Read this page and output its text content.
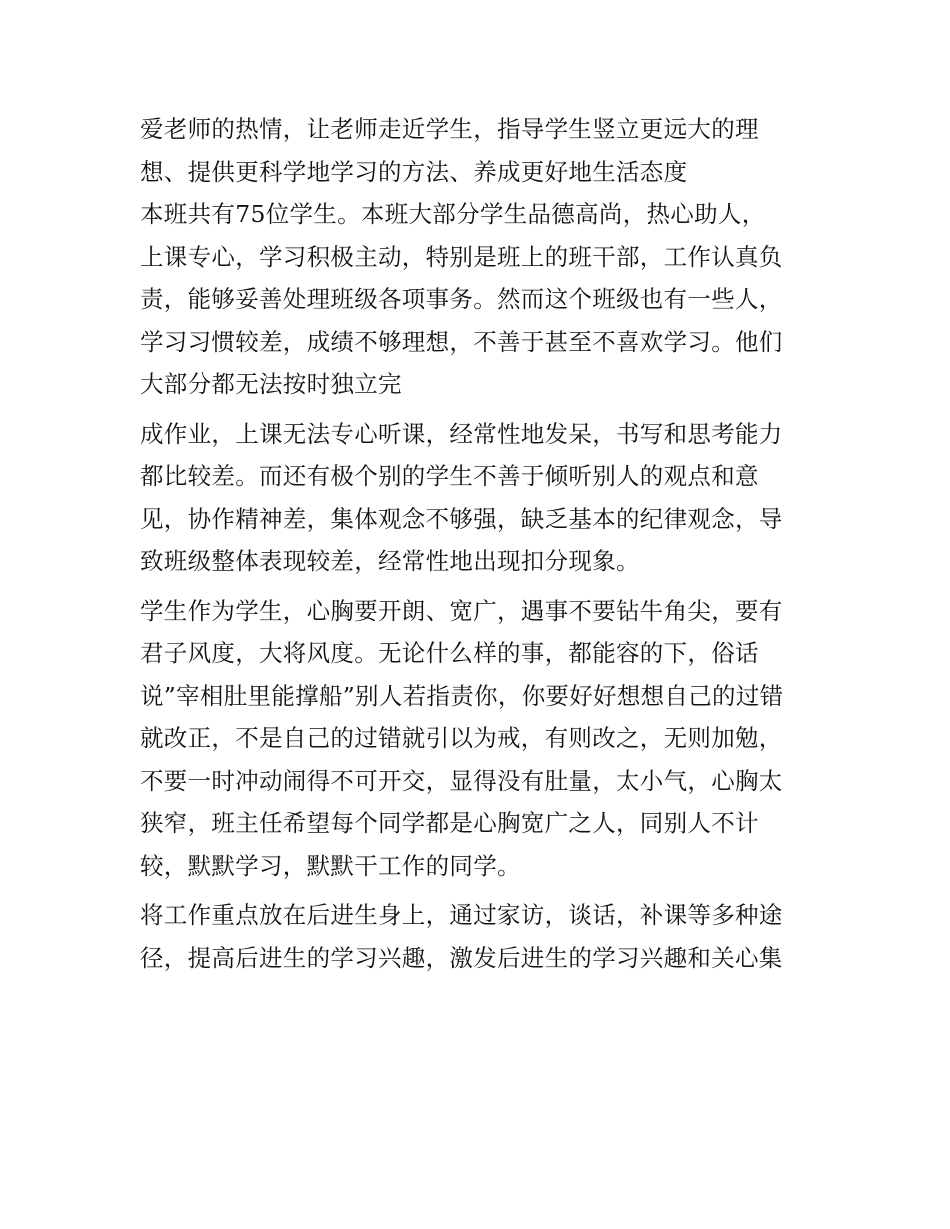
爱老师的热情，让老师走近学生，指导学生竖立更远大的理
想、提供更科学地学习的方法、养成更好地生活态度
本班共有75位学生。本班大部分学生品德高尚，热心助人，
上课专心，学习积极主动，特别是班上的班干部，工作认真负
责，能够妥善处理班级各项事务。然而这个班级也有一些人，
学习习惯较差，成绩不够理想，不善于甚至不喜欢学习。他们
大部分都无法按时独立完
成作业，上课无法专心听课，经常性地发呆，书写和思考能力
都比较差。而还有极个别的学生不善于倾听别人的观点和意
见，协作精神差，集体观念不够强，缺乏基本的纪律观念，导
致班级整体表现较差，经常性地出现扣分现象。
学生作为学生，心胸要开朗、宽广，遇事不要钻牛角尖，要有
君子风度，大将风度。无论什么样的事，都能容的下，俗话
说”宰相肚里能撑船”别人若指责你，你要好好想想自己的过错
就改正，不是自己的过错就引以为戒，有则改之，无则加勉，
不要一时冲动闹得不可开交，显得没有肚量，太小气，心胸太
狭窄，班主任希望每个同学都是心胸宽广之人，同别人不计
较，默默学习，默默干工作的同学。
将工作重点放在后进生身上，通过家访，谈话，补课等多种途
径，提高后进生的学习兴趣，激发后进生的学习兴趣和关心集
